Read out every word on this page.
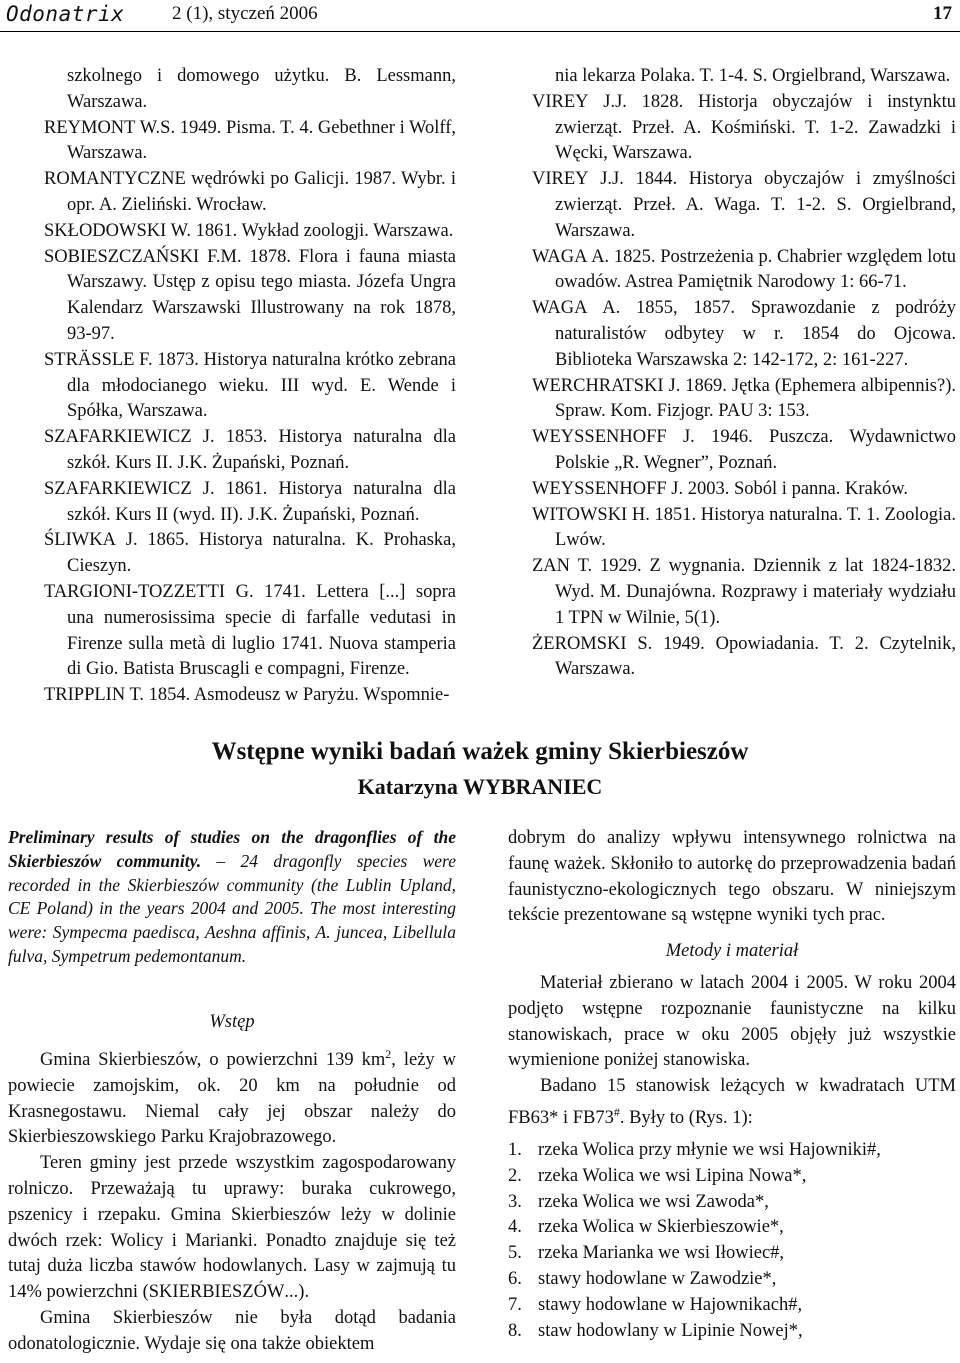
Odonatrix	2 (1), styczeń 2006	17
szkolnego i domowego użytku. B. Lessmann, Warszawa.
REYMONT W.S. 1949. Pisma. T. 4. Gebethner i Wolff, Warszawa.
ROMANTYCZNE wędrówki po Galicji. 1987. Wybr. i opr. A. Zieliński. Wrocław.
SKŁODOWSKI W. 1861. Wykład zoologji. Warszawa.
SOBIESZCZAŃSKI F.M. 1878. Flora i fauna miasta Warszawy. Ustęp z opisu tego miasta. Józefa Ungra Kalendarz Warszawski Illustrowany na rok 1878, 93-97.
STRÄSSLE F. 1873. Historya naturalna krótko zebrana dla młodocianego wieku. III wyd. E. Wende i Spółka, Warszawa.
SZAFARKIEWICZ J. 1853. Historya naturalna dla szkół. Kurs II. J.K. Żupański, Poznań.
SZAFARKIEWICZ J. 1861. Historya naturalna dla szkół. Kurs II (wyd. II). J.K. Żupański, Poznań.
ŚLIWKA J. 1865. Historya naturalna. K. Prohaska, Cieszyn.
TARGIONI-TOZZETTI G. 1741. Lettera [...] sopra una numerosissima specie di farfalle vedutasi in Firenze sulla metà di luglio 1741. Nuova stamperia di Gio. Batista Bruscagli e compagni, Firenze.
TRIPPLIN T. 1854. Asmodeusz w Paryżu. Wspomnie-
nia lekarza Polaka. T. 1-4. S. Orgielbrand, Warszawa.
VIREY J.J. 1828. Historja obyczajów i instynktu zwierząt. Przeł. A. Kośmiński. T. 1-2. Zawadzki i Węcki, Warszawa.
VIREY J.J. 1844. Historya obyczajów i zmyślności zwierząt. Przeł. A. Waga. T. 1-2. S. Orgielbrand, Warszawa.
WAGA A. 1825. Postrzeżenia p. Chabrier względem lotu owadów. Astrea Pamiętnik Narodowy 1: 66-71.
WAGA A. 1855, 1857. Sprawozdanie z podróży naturalistów odbytey w r. 1854 do Ojcowa. Biblioteka Warszawska 2: 142-172, 2: 161-227.
WERCHRATSKI J. 1869. Jętka (Ephemera albipennis?). Spraw. Kom. Fizjogr. PAU 3: 153.
WEYSSENHOFF J. 1946. Puszcza. Wydawnictwo Polskie „R. Wegner”, Poznań.
WEYSSENHOFF J. 2003. Soból i panna. Kraków.
WITOWSKI H. 1851. Historya naturalna. T. 1. Zoologia. Lwów.
ZAN T. 1929. Z wygnania. Dziennik z lat 1824-1832. Wyd. M. Dunajówna. Rozprawy i materiały wydziału 1 TPN w Wilnie, 5(1).
ŻEROMSKI S. 1949. Opowiadania. T. 2. Czytelnik, Warszawa.
Wstępne wyniki badań ważek gminy Skierbieszów
Katarzyna WYBRANIEC
Preliminary results of studies on the dragonflies of the Skierbieszów community. – 24 dragonfly species were recorded in the Skierbieszów community (the Lublin Upland, CE Poland) in the years 2004 and 2005. The most interesting were: Sympecma paedisca, Aeshna affinis, A. juncea, Libellula fulva, Sympetrum pedemontanum.
Wstęp
Gmina Skierbieszów, o powierzchni 139 $km^2$, leży w powiecie zamojskim, ok. 20 km na południe od Krasnegostawu. Niemal cały jej obszar należy do Skierbieszowskiego Parku Krajobrazowego.
Teren gminy jest przede wszystkim zagospodarowany rolniczo. Przeważają tu uprawy: buraka cukrowego, pszenicy i rzepaku. Gmina Skierbieszów leży w dolinie dwóch rzek: Wolicy i Marianki. Ponadto znajduje się też tutaj duża liczba stawów hodowlanych. Lasy w zajmują tu 14% powierzchni (SKIERBIESZÓW...).
Gmina Skierbieszów nie była dotąd badania odonatologicznie. Wydaje się ona także obiektem
dobrym do analizy wpływu intensywnego rolnictwa na faunę ważek. Skłoniło to autorkę do przeprowadzenia badań faunistyczno-ekologicznych tego obszaru. W niniejszym tekście prezentowane są wstępne wyniki tych prac.
Metody i materiał
Materiał zbierano w latach 2004 i 2005. W roku 2004 podjęto wstępne rozpoznanie faunistyczne na kilku stanowiskach, prace w oku 2005 objęły już wszystkie wymienione poniżej stanowiska.
Badano 15 stanowisk leżących w kwadratach UTM FB63* i FB73#. Były to (Rys. 1):
1. rzeka Wolica przy młynie we wsi Hajowniki#,
2. rzeka Wolica we wsi Lipina Nowa*,
3. rzeka Wolica we wsi Zawoda*,
4. rzeka Wolica w Skierbieszowie*,
5. rzeka Marianka we wsi Iłowiec#,
6. stawy hodowlane w Zawodzie*,
7. stawy hodowlane w Hajownikach#,
8. staw hodowlany w Lipinie Nowej*,
